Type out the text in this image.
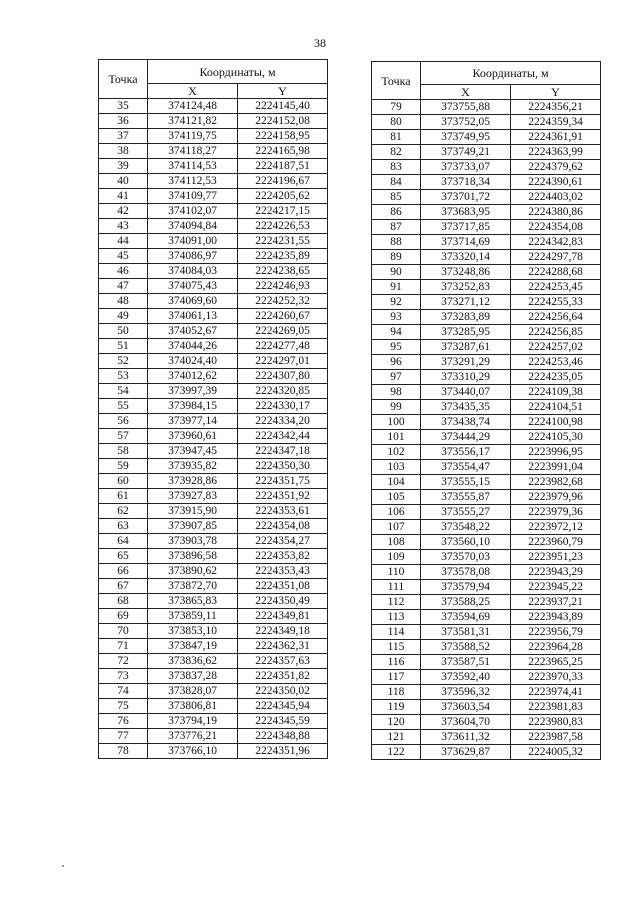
38
Точка	Координаты, м	
	X	Y
35	374124,48	2224145,40
36	374121,82	2224152,08
37	374119,75	2224158,95
38	374118,27	2224165,98
39	374114,53	2224187,51
40	374112,53	2224196,67
41	374109,77	2224205,62
42	374102,07	2224217,15
43	374094,84	2224226,53
44	374091,00	2224231,55
45	374086,97	2224235,89
46	374084,03	2224238,65
47	374075,43	2224246,93
48	374069,60	2224252,32
49	374061,13	2224260,67
50	374052,67	2224269,05
51	374044,26	2224277,48
52	374024,40	2224297,01
53	374012,62	2224307,80
54	373997,39	2224320,85
55	373984,15	2224330,17
56	373977,14	2224334,20
57	373960,61	2224342,44
58	373947,45	2224347,18
59	373935,82	2224350,30
60	373928,86	2224351,75
61	373927,83	2224351,92
62	373915,90	2224353,61
63	373907,85	2224354,08
64	373903,78	2224354,27
65	373896,58	2224353,82
66	373890,62	2224353,43
67	373872,70	2224351,08
68	373865,83	2224350,49
69	373859,11	2224349,81
70	373853,10	2224349,18
71	373847,19	2224362,31
72	373836,62	2224357,63
73	373837,28	2224351,82
74	373828,07	2224350,02
75	373806,81	2224345,94
76	373794,19	2224345,59
77	373776,21	2224348,88
78	373766,10	2224351,96
Точка	Координаты, м	
	X	Y
79	373755,88	2224356,21
80	373752,05	2224359,34
81	373749,95	2224361,91
82	373749,21	2224363,99
83	373733,07	2224379,62
84	373718,34	2224390,61
85	373701,72	2224403,02
86	373683,95	2224380,86
87	373717,85	2224354,08
88	373714,69	2224342,83
89	373320,14	2224297,78
90	373248,86	2224288,68
91	373252,83	2224253,45
92	373271,12	2224255,33
93	373283,89	2224256,64
94	373285,95	2224256,85
95	373287,61	2224257,02
96	373291,29	2224253,46
97	373310,29	2224235,05
98	373440,07	2224109,38
99	373435,35	2224104,51
100	373438,74	2224100,98
101	373444,29	2224105,30
102	373556,17	2223996,95
103	373554,47	2223991,04
104	373555,15	2223982,68
105	373555,87	2223979,96
106	373555,27	2223979,36
107	373548,22	2223972,12
108	373560,10	2223960,79
109	373570,03	2223951,23
110	373578,08	2223943,29
111	373579,94	2223945,22
112	373588,25	2223937,21
113	373594,69	2223943,89
114	373581,31	2223956,79
115	373588,52	2223964,28
116	373587,51	2223965,25
117	373592,40	2223970,33
118	373596,32	2223974,41
119	373603,54	2223981,83
120	373604,70	2223980,83
121	373611,32	2223987,58
122	373629,87	2224005,32
